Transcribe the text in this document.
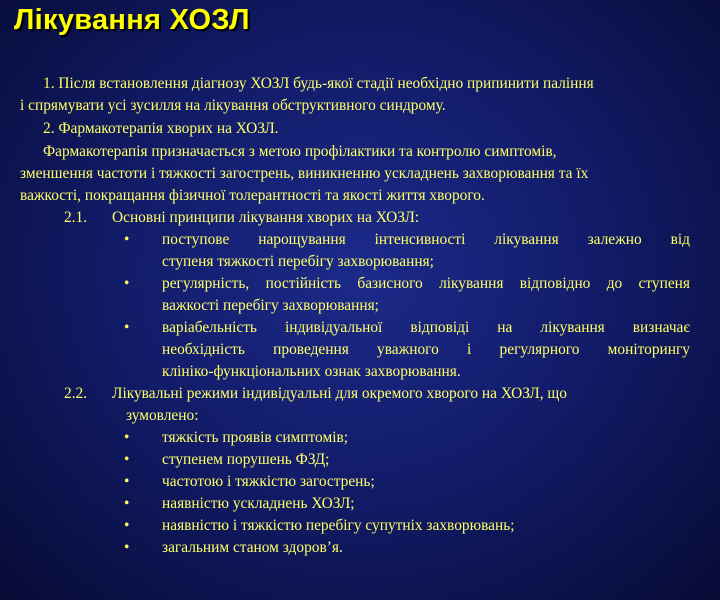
Лікування ХОЗЛ
1. Після встановлення діагнозу ХОЗЛ будь-якої стадії необхідно припинити паління
і спрямувати усі зусилля на лікування обструктивного синдрому.
2. Фармакотерапія хворих на ХОЗЛ.
Фармакотерапія призначається з метою профілактики та контролю симптомів,
зменшення частоти і тяжкості загострень, виникненню ускладнень захворювання та їх
важкості, покращання фізичної толерантності та якості життя хворого.
2.1. Основні принципи лікування хворих на ХОЗЛ:
• поступове нарощування інтенсивності лікування залежно від
ступеня тяжкості перебігу захворювання;
• регулярність, постійність базисного лікування відповідно до ступеня
важкості перебігу захворювання;
• варіабельність індивідуальної відповіді на лікування визначає
необхідність проведення уважного і регулярного моніторингу
клініко-функціональних ознак захворювання.
2.2. Лікувальні режими індивідуальні для окремого хворого на ХОЗЛ, що
зумовлено:
• тяжкість проявів симптомів;
• ступенем порушень ФЗД;
• частотою і тяжкістю загострень;
• наявністю ускладнень ХОЗЛ;
• наявністю і тяжкістю перебігу супутніх захворювань;
• загальним станом здоров’я.
